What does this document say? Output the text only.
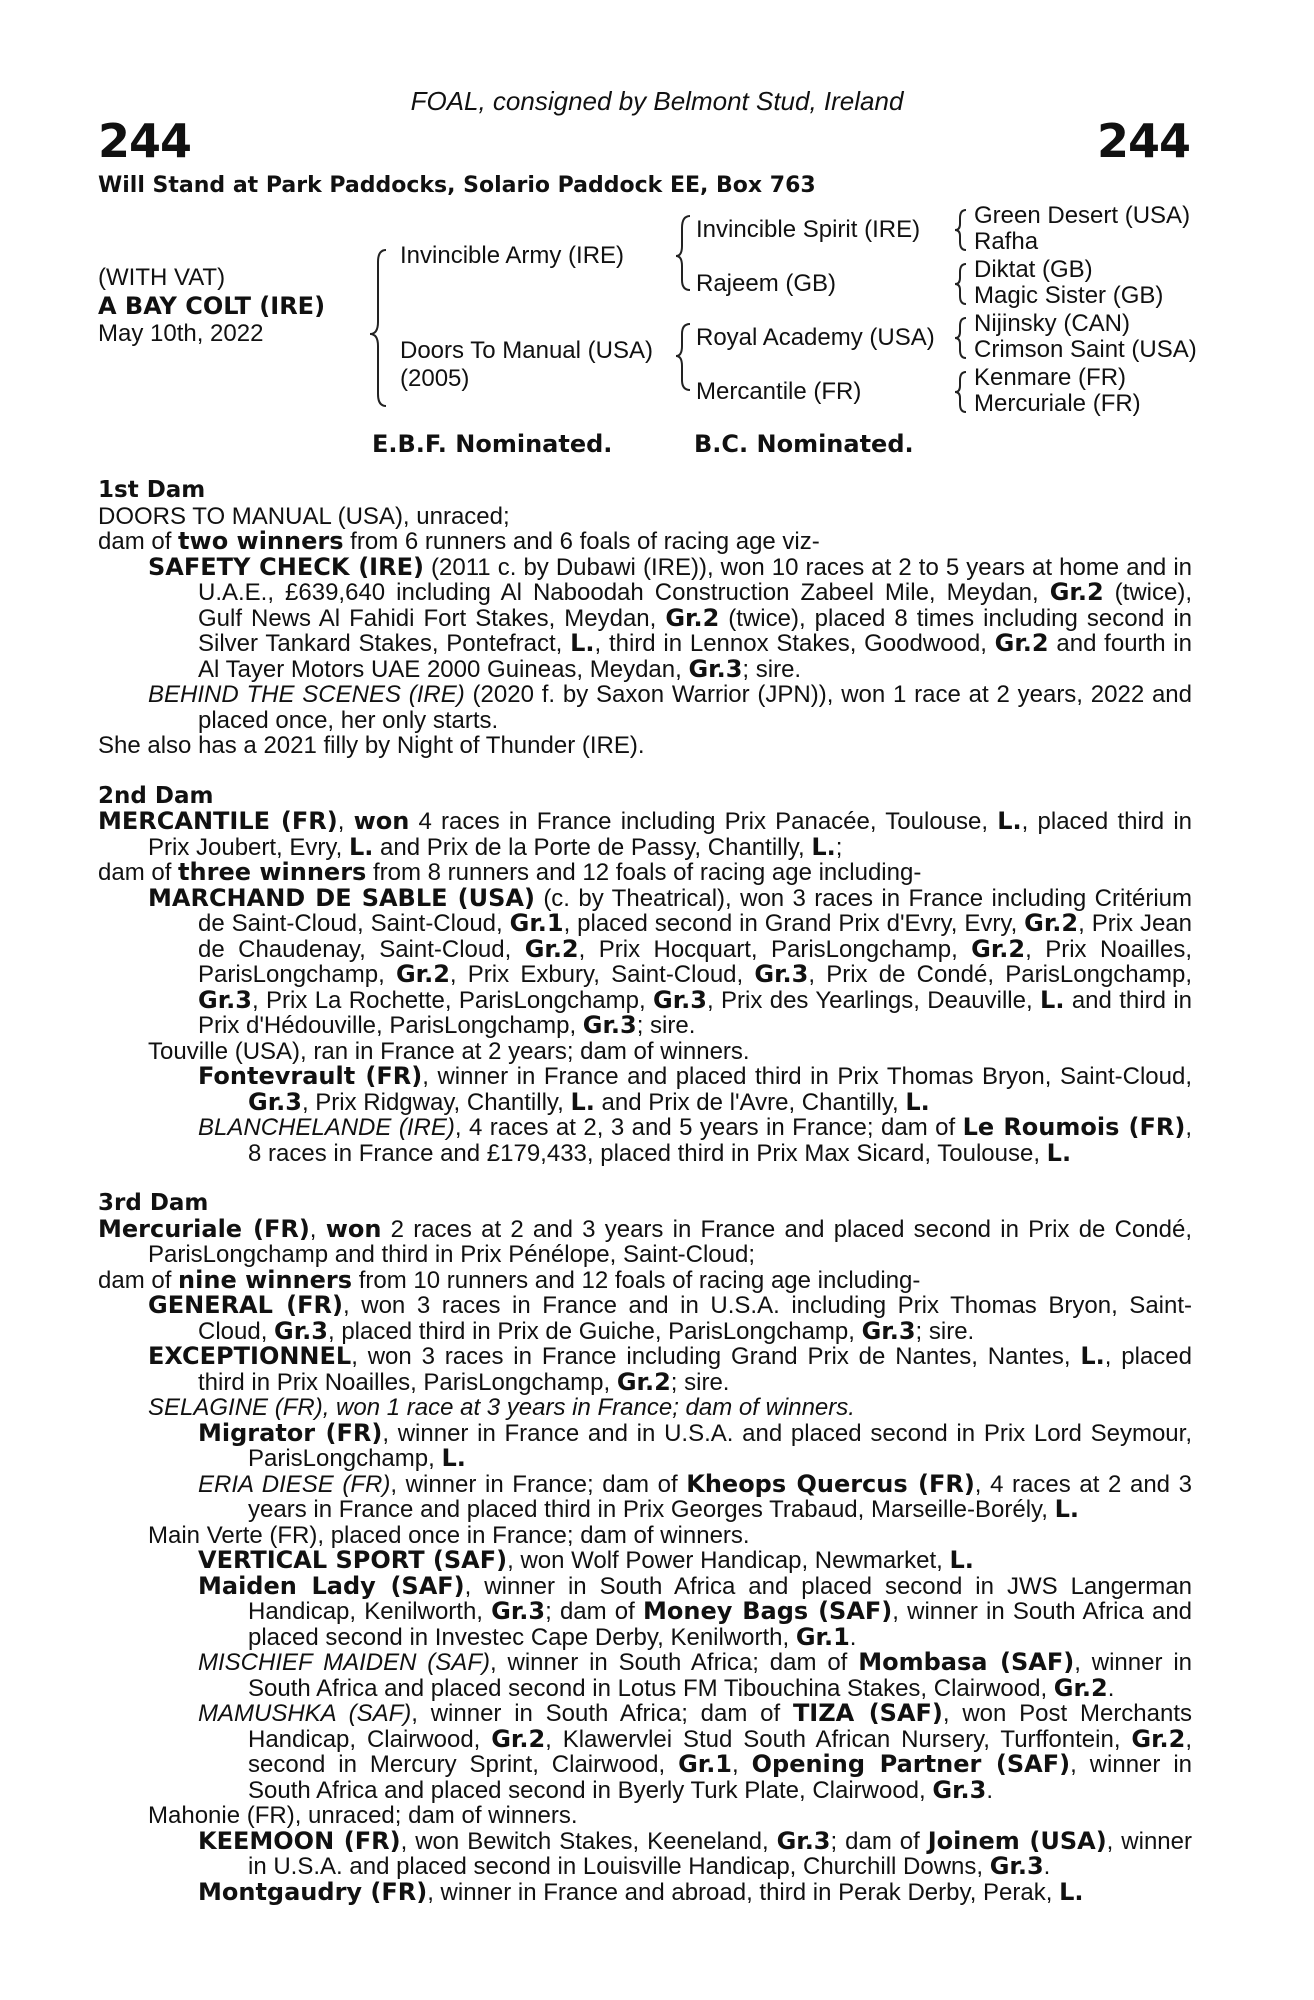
FOAL, consigned by Belmont Stud, Ireland
244	244
Will Stand at Park Paddocks, Solario Paddock EE, Box 763
(WITH VAT)
A BAY COLT (IRE)
May 10th, 2022
Invincible Army (IRE)
Doors To Manual (USA)
(2005)
Invincible Spirit (IRE)
Rajeem (GB)
Royal Academy (USA)
Mercantile (FR)
Green Desert (USA)
Rafha
Diktat (GB)
Magic Sister (GB)
Nijinsky (CAN)
Crimson Saint (USA)
Kenmare (FR)
Mercuriale (FR)
E.B.F. Nominated.	B.C. Nominated.
1st Dam

DOORS TO MANUAL (USA), unraced;

dam of two winners from 6 runners and 6 foals of racing age viz-

SAFETY CHECK (IRE) (2011 c. by Dubawi (IRE)), won 10 races at 2 to 5 years at home and in U.A.E., £639,640 including Al Naboodah Construction Zabeel Mile, Meydan, Gr.2 (twice), Gulf News Al Fahidi Fort Stakes, Meydan, Gr.2 (twice), placed 8 times including second in Silver Tankard Stakes, Pontefract, L., third in Lennox Stakes, Goodwood, Gr.2 and fourth in Al Tayer Motors UAE 2000 Guineas, Meydan, Gr.3; sire.

BEHIND THE SCENES (IRE) (2020 f. by Saxon Warrior (JPN)), won 1 race at 2 years, 2022 and placed once, her only starts.

She also has a 2021 filly by Night of Thunder (IRE).

2nd Dam

MERCANTILE (FR), won 4 races in France including Prix Panacée, Toulouse, L., placed third in Prix Joubert, Evry, L. and Prix de la Porte de Passy, Chantilly, L.;

dam of three winners from 8 runners and 12 foals of racing age including-

MARCHAND DE SABLE (USA) (c. by Theatrical), won 3 races in France including Critérium de Saint-Cloud, Saint-Cloud, Gr.1, placed second in Grand Prix d'Evry, Evry, Gr.2, Prix Jean de Chaudenay, Saint-Cloud, Gr.2, Prix Hocquart, ParisLongchamp, Gr.2, Prix Noailles, ParisLongchamp, Gr.2, Prix Exbury, Saint-Cloud, Gr.3, Prix de Condé, ParisLongchamp, Gr.3, Prix La Rochette, ParisLongchamp, Gr.3, Prix des Yearlings, Deauville, L. and third in Prix d'Hédouville, ParisLongchamp, Gr.3; sire.

Touville (USA), ran in France at 2 years; dam of winners.

Fontevrault (FR), winner in France and placed third in Prix Thomas Bryon, Saint-Cloud, Gr.3, Prix Ridgway, Chantilly, L. and Prix de l'Avre, Chantilly, L.

BLANCHELANDE (IRE), 4 races at 2, 3 and 5 years in France; dam of Le Roumois (FR), 8 races in France and £179,433, placed third in Prix Max Sicard, Toulouse, L.

3rd Dam

Mercuriale (FR), won 2 races at 2 and 3 years in France and placed second in Prix de Condé, ParisLongchamp and third in Prix Pénélope, Saint-Cloud;

dam of nine winners from 10 runners and 12 foals of racing age including-

GENERAL (FR), won 3 races in France and in U.S.A. including Prix Thomas Bryon, Saint-Cloud, Gr.3, placed third in Prix de Guiche, ParisLongchamp, Gr.3; sire.

EXCEPTIONNEL, won 3 races in France including Grand Prix de Nantes, Nantes, L., placed third in Prix Noailles, ParisLongchamp, Gr.2; sire.

SELAGINE (FR), won 1 race at 3 years in France; dam of winners.

Migrator (FR), winner in France and in U.S.A. and placed second in Prix Lord Seymour, ParisLongchamp, L.

ERIA DIESE (FR), winner in France; dam of Kheops Quercus (FR), 4 races at 2 and 3 years in France and placed third in Prix Georges Trabaud, Marseille-Borély, L.

Main Verte (FR), placed once in France; dam of winners.

VERTICAL SPORT (SAF), won Wolf Power Handicap, Newmarket, L.

Maiden Lady (SAF), winner in South Africa and placed second in JWS Langerman Handicap, Kenilworth, Gr.3; dam of Money Bags (SAF), winner in South Africa and placed second in Investec Cape Derby, Kenilworth, Gr.1.

MISCHIEF MAIDEN (SAF), winner in South Africa; dam of Mombasa (SAF), winner in South Africa and placed second in Lotus FM Tibouchina Stakes, Clairwood, Gr.2.

MAMUSHKA (SAF), winner in South Africa; dam of TIZA (SAF), won Post Merchants Handicap, Clairwood, Gr.2, Klawervlei Stud South African Nursery, Turffontein, Gr.2, second in Mercury Sprint, Clairwood, Gr.1, Opening Partner (SAF), winner in South Africa and placed second in Byerly Turk Plate, Clairwood, Gr.3.

Mahonie (FR), unraced; dam of winners.

KEEMOON (FR), won Bewitch Stakes, Keeneland, Gr.3; dam of Joinem (USA), winner in U.S.A. and placed second in Louisville Handicap, Churchill Downs, Gr.3.

Montgaudry (FR), winner in France and abroad, third in Perak Derby, Perak, L.
